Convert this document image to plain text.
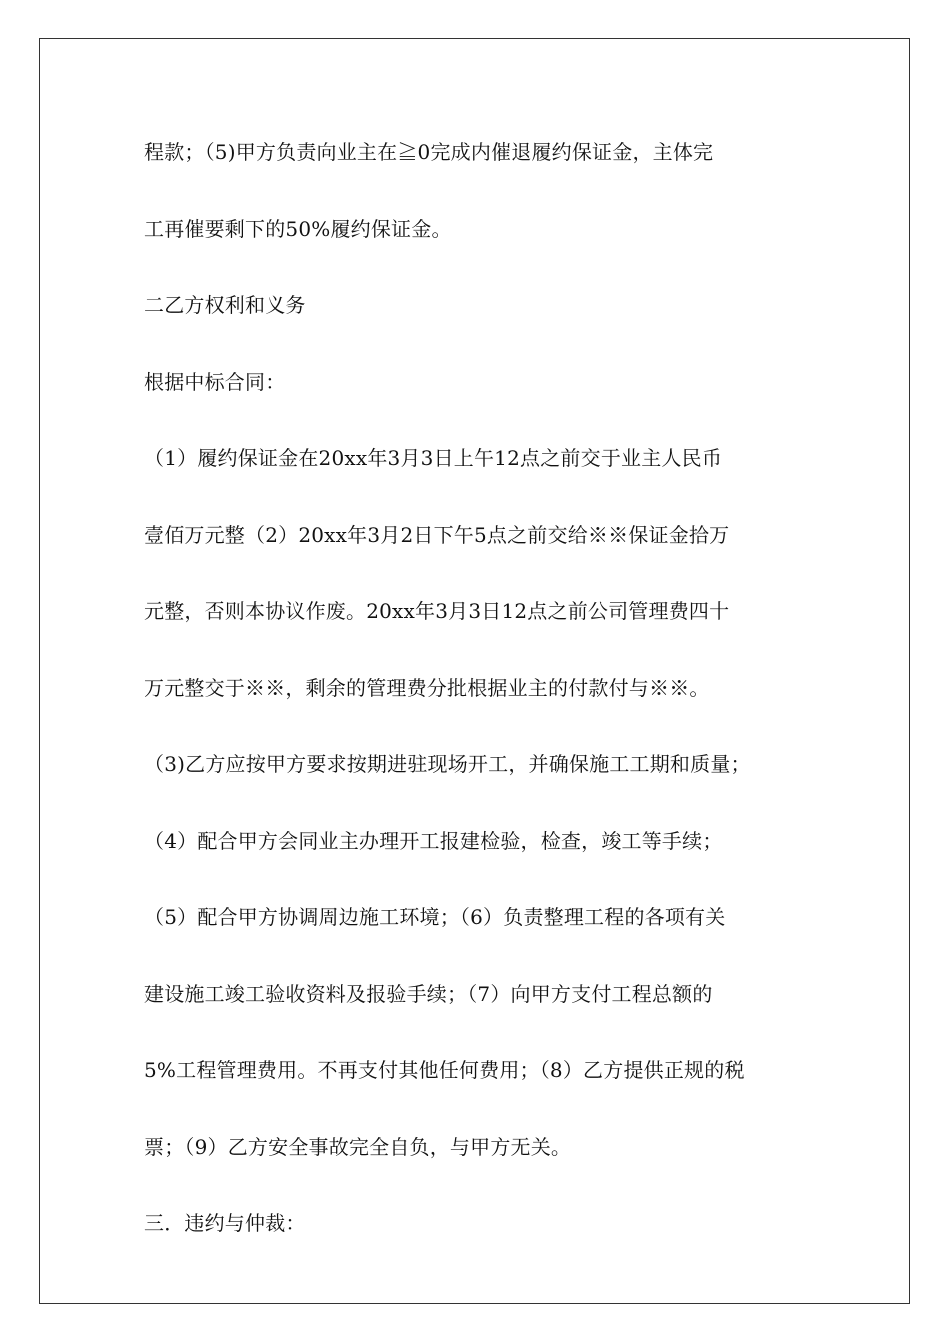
程款；（5)甲方负责向业主在≧0完成内催退履约保证金，主体完
工再催要剩下的50%履约保证金。
二乙方权利和义务
根据中标合同：
（1）履约保证金在20xx年3月3日上午12点之前交于业主人民币
壹佰万元整（2）20xx年3月2日下午5点之前交给※※保证金拾万
元整，否则本协议作废。20xx年3月3日12点之前公司管理费四十
万元整交于※※，剩余的管理费分批根据业主的付款付与※※。
（3)乙方应按甲方要求按期进驻现场开工，并确保施工工期和质量；
（4）配合甲方会同业主办理开工报建检验，检查，竣工等手续；
（5）配合甲方协调周边施工环境；（6）负责整理工程的各项有关
建设施工竣工验收资料及报验手续；（7）向甲方支付工程总额的
5%工程管理费用。不再支付其他任何费用；（8）乙方提供正规的税
票；（9）乙方安全事故完全自负，与甲方无关。
三．违约与仲裁：
